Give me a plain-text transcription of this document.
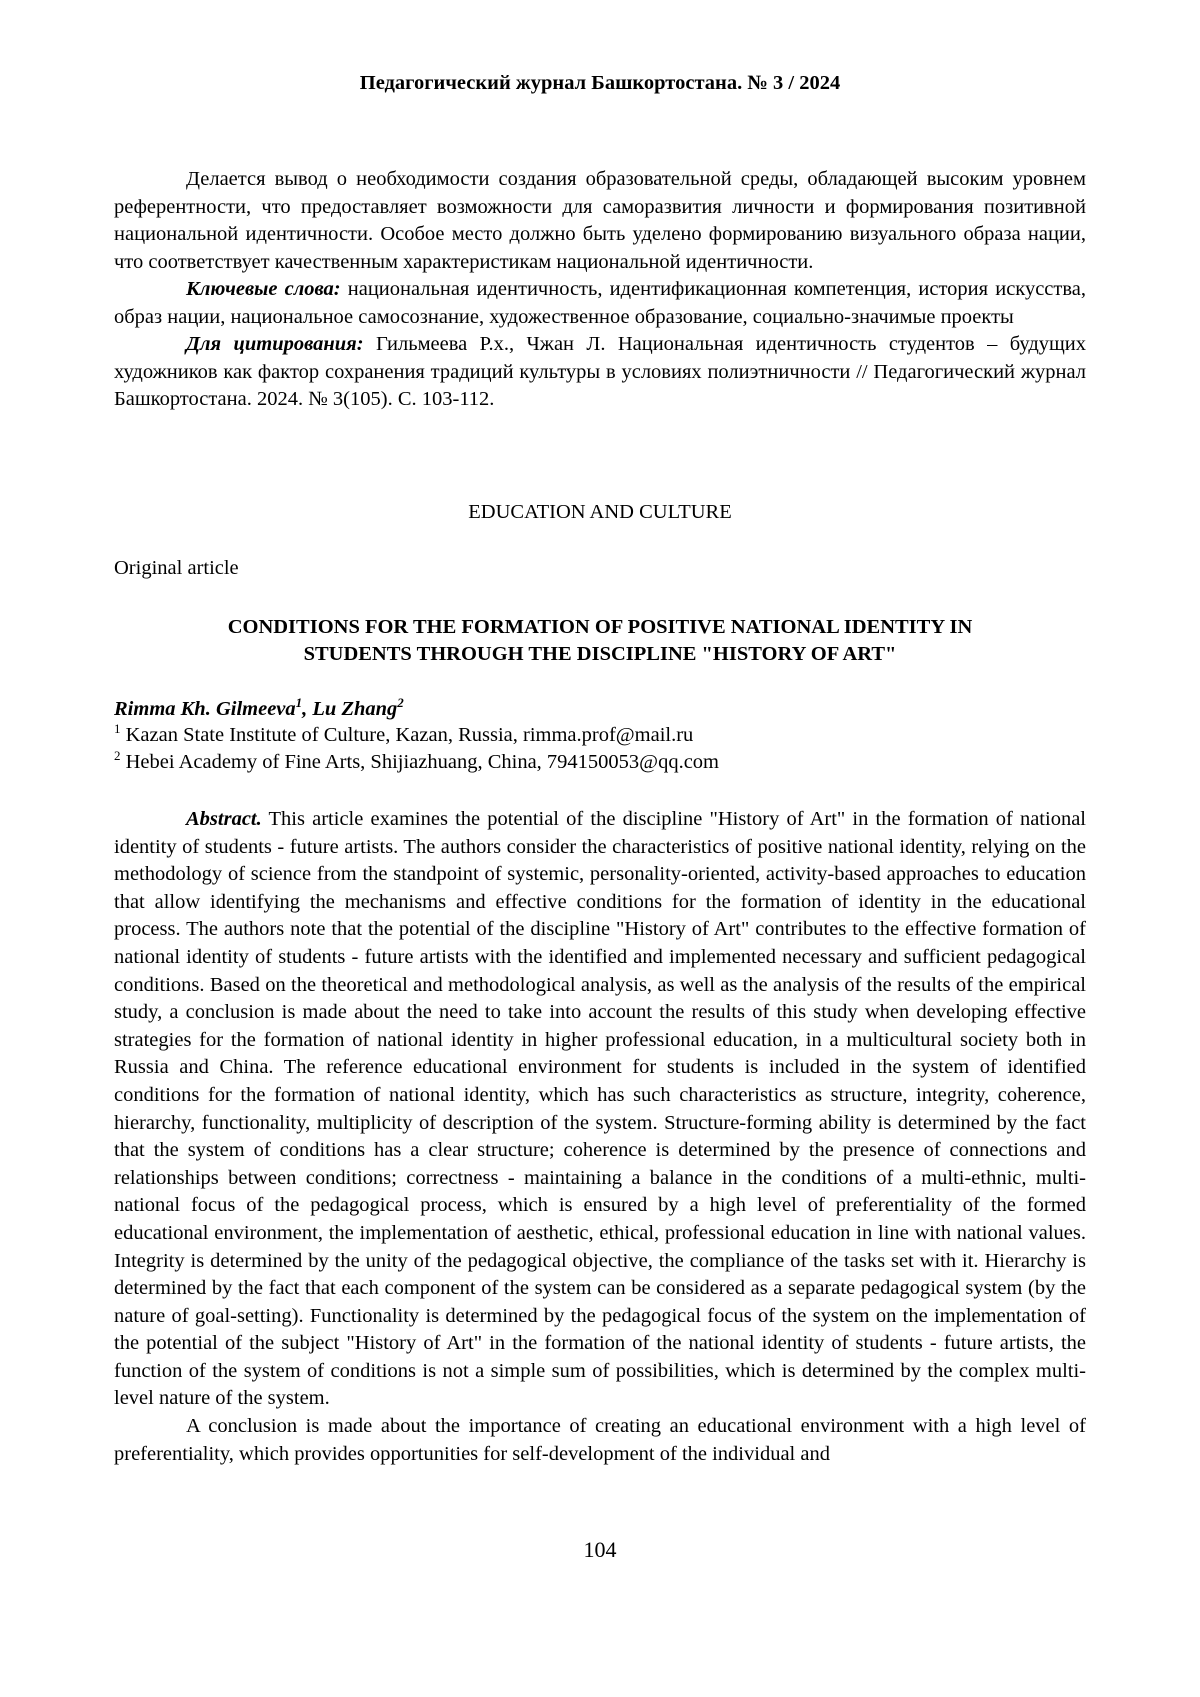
Педагогический журнал Башкортостана. № 3 / 2024

Делается вывод о необходимости создания образовательной среды, обладающей высоким уровнем референтности, что предоставляет возможности для саморазвития личности и формирования позитивной национальной идентичности. Особое место должно быть уделено формированию визуального образа нации, что соответствует качественным характеристикам национальной идентичности.

Ключевые слова: национальная идентичность, идентификационная компетенция, история искусства, образ нации, национальное самосознание, художественное образование, социально-значимые проекты

Для цитирования: Гильмеева Р.х., Чжан Л. Национальная идентичность студентов – будущих художников как фактор сохранения традиций культуры в условиях полиэтничности // Педагогический журнал Башкортостана. 2024. № 3(105). С. 103-112.

EDUCATION AND CULTURE
Original article
CONDITIONS FOR THE FORMATION OF POSITIVE NATIONAL IDENTITY IN
STUDENTS THROUGH THE DISCIPLINE "HISTORY OF ART"
Rimma Kh. Gilmeeva$^1$, Lu Zhang$^2$
$^1$ Kazan State Institute of Culture, Kazan, Russia, rimma.prof@mail.ru
$^2$ Hebei Academy of Fine Arts, Shijiazhuang, China, 794150053@qq.com

Abstract. This article examines the potential of the discipline "History of Art" in the formation of national identity of students - future artists. The authors consider the characteristics of positive national identity, relying on the methodology of science from the standpoint of systemic, personality-oriented, activity-based approaches to education that allow identifying the mechanisms and effective conditions for the formation of identity in the educational process. The authors note that the potential of the discipline "History of Art" contributes to the effective formation of national identity of students - future artists with the identified and implemented necessary and sufficient pedagogical conditions. Based on the theoretical and methodological analysis, as well as the analysis of the results of the empirical study, a conclusion is made about the need to take into account the results of this study when developing effective strategies for the formation of national identity in higher professional education, in a multicultural society both in Russia and China. The reference educational environment for students is included in the system of identified conditions for the formation of national identity, which has such characteristics as structure, integrity, coherence, hierarchy, functionality, multiplicity of description of the system. Structure-forming ability is determined by the fact that the system of conditions has a clear structure; coherence is determined by the presence of connections and relationships between conditions; correctness - maintaining a balance in the conditions of a multi-ethnic, multi-national focus of the pedagogical process, which is ensured by a high level of preferentiality of the formed educational environment, the implementation of aesthetic, ethical, professional education in line with national values. Integrity is determined by the unity of the pedagogical objective, the compliance of the tasks set with it. Hierarchy is determined by the fact that each component of the system can be considered as a separate pedagogical system (by the nature of goal-setting). Functionality is determined by the pedagogical focus of the system on the implementation of the potential of the subject "History of Art" in the formation of the national identity of students - future artists, the function of the system of conditions is not a simple sum of possibilities, which is determined by the complex multi-level nature of the system.

A conclusion is made about the importance of creating an educational environment with a high level of preferentiality, which provides opportunities for self-development of the individual and

104
